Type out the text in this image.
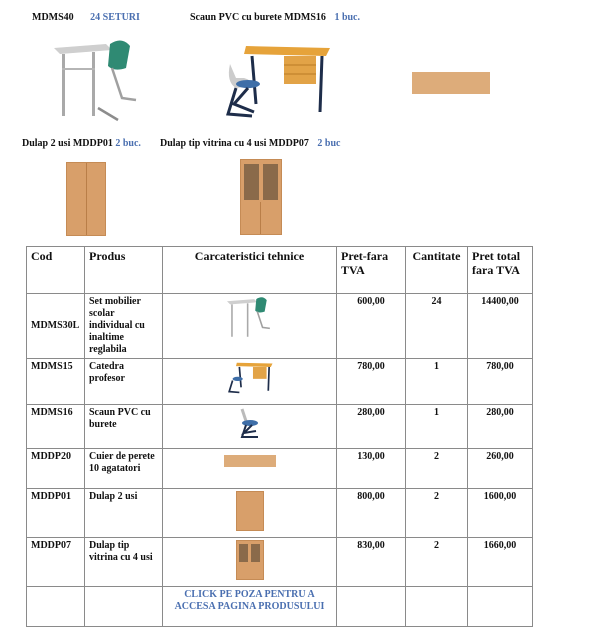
MDMS40 24 SETURI	Scaun PVC cu burete MDMS16 1 buc.
Dulap 2 usi MDDP01 2 buc. Dulap tip vitrina cu 4 usi MDDP07 2 buc
Cod	Produs	Carcateristici tehnice	Pret-fara TVA	Cantitate	Pret total fara TVA
MDMS30L	Set mobilier scolar individual cu inaltime reglabila		600,00	24	14400,00
MDMS15	Catedra profesor		780,00	1	780,00
MDMS16	Scaun PVC cu burete		280,00	1	280,00
MDDP20	Cuier de perete 10 agatatori		130,00	2	260,00
MDDP01	Dulap 2 usi		800,00	2	1600,00
MDDP07	Dulap tip vitrina cu 4 usi		830,00	2	1660,00
		CLICK PE POZA PENTRU A ACCESA PAGINA PRODUSULUI			
